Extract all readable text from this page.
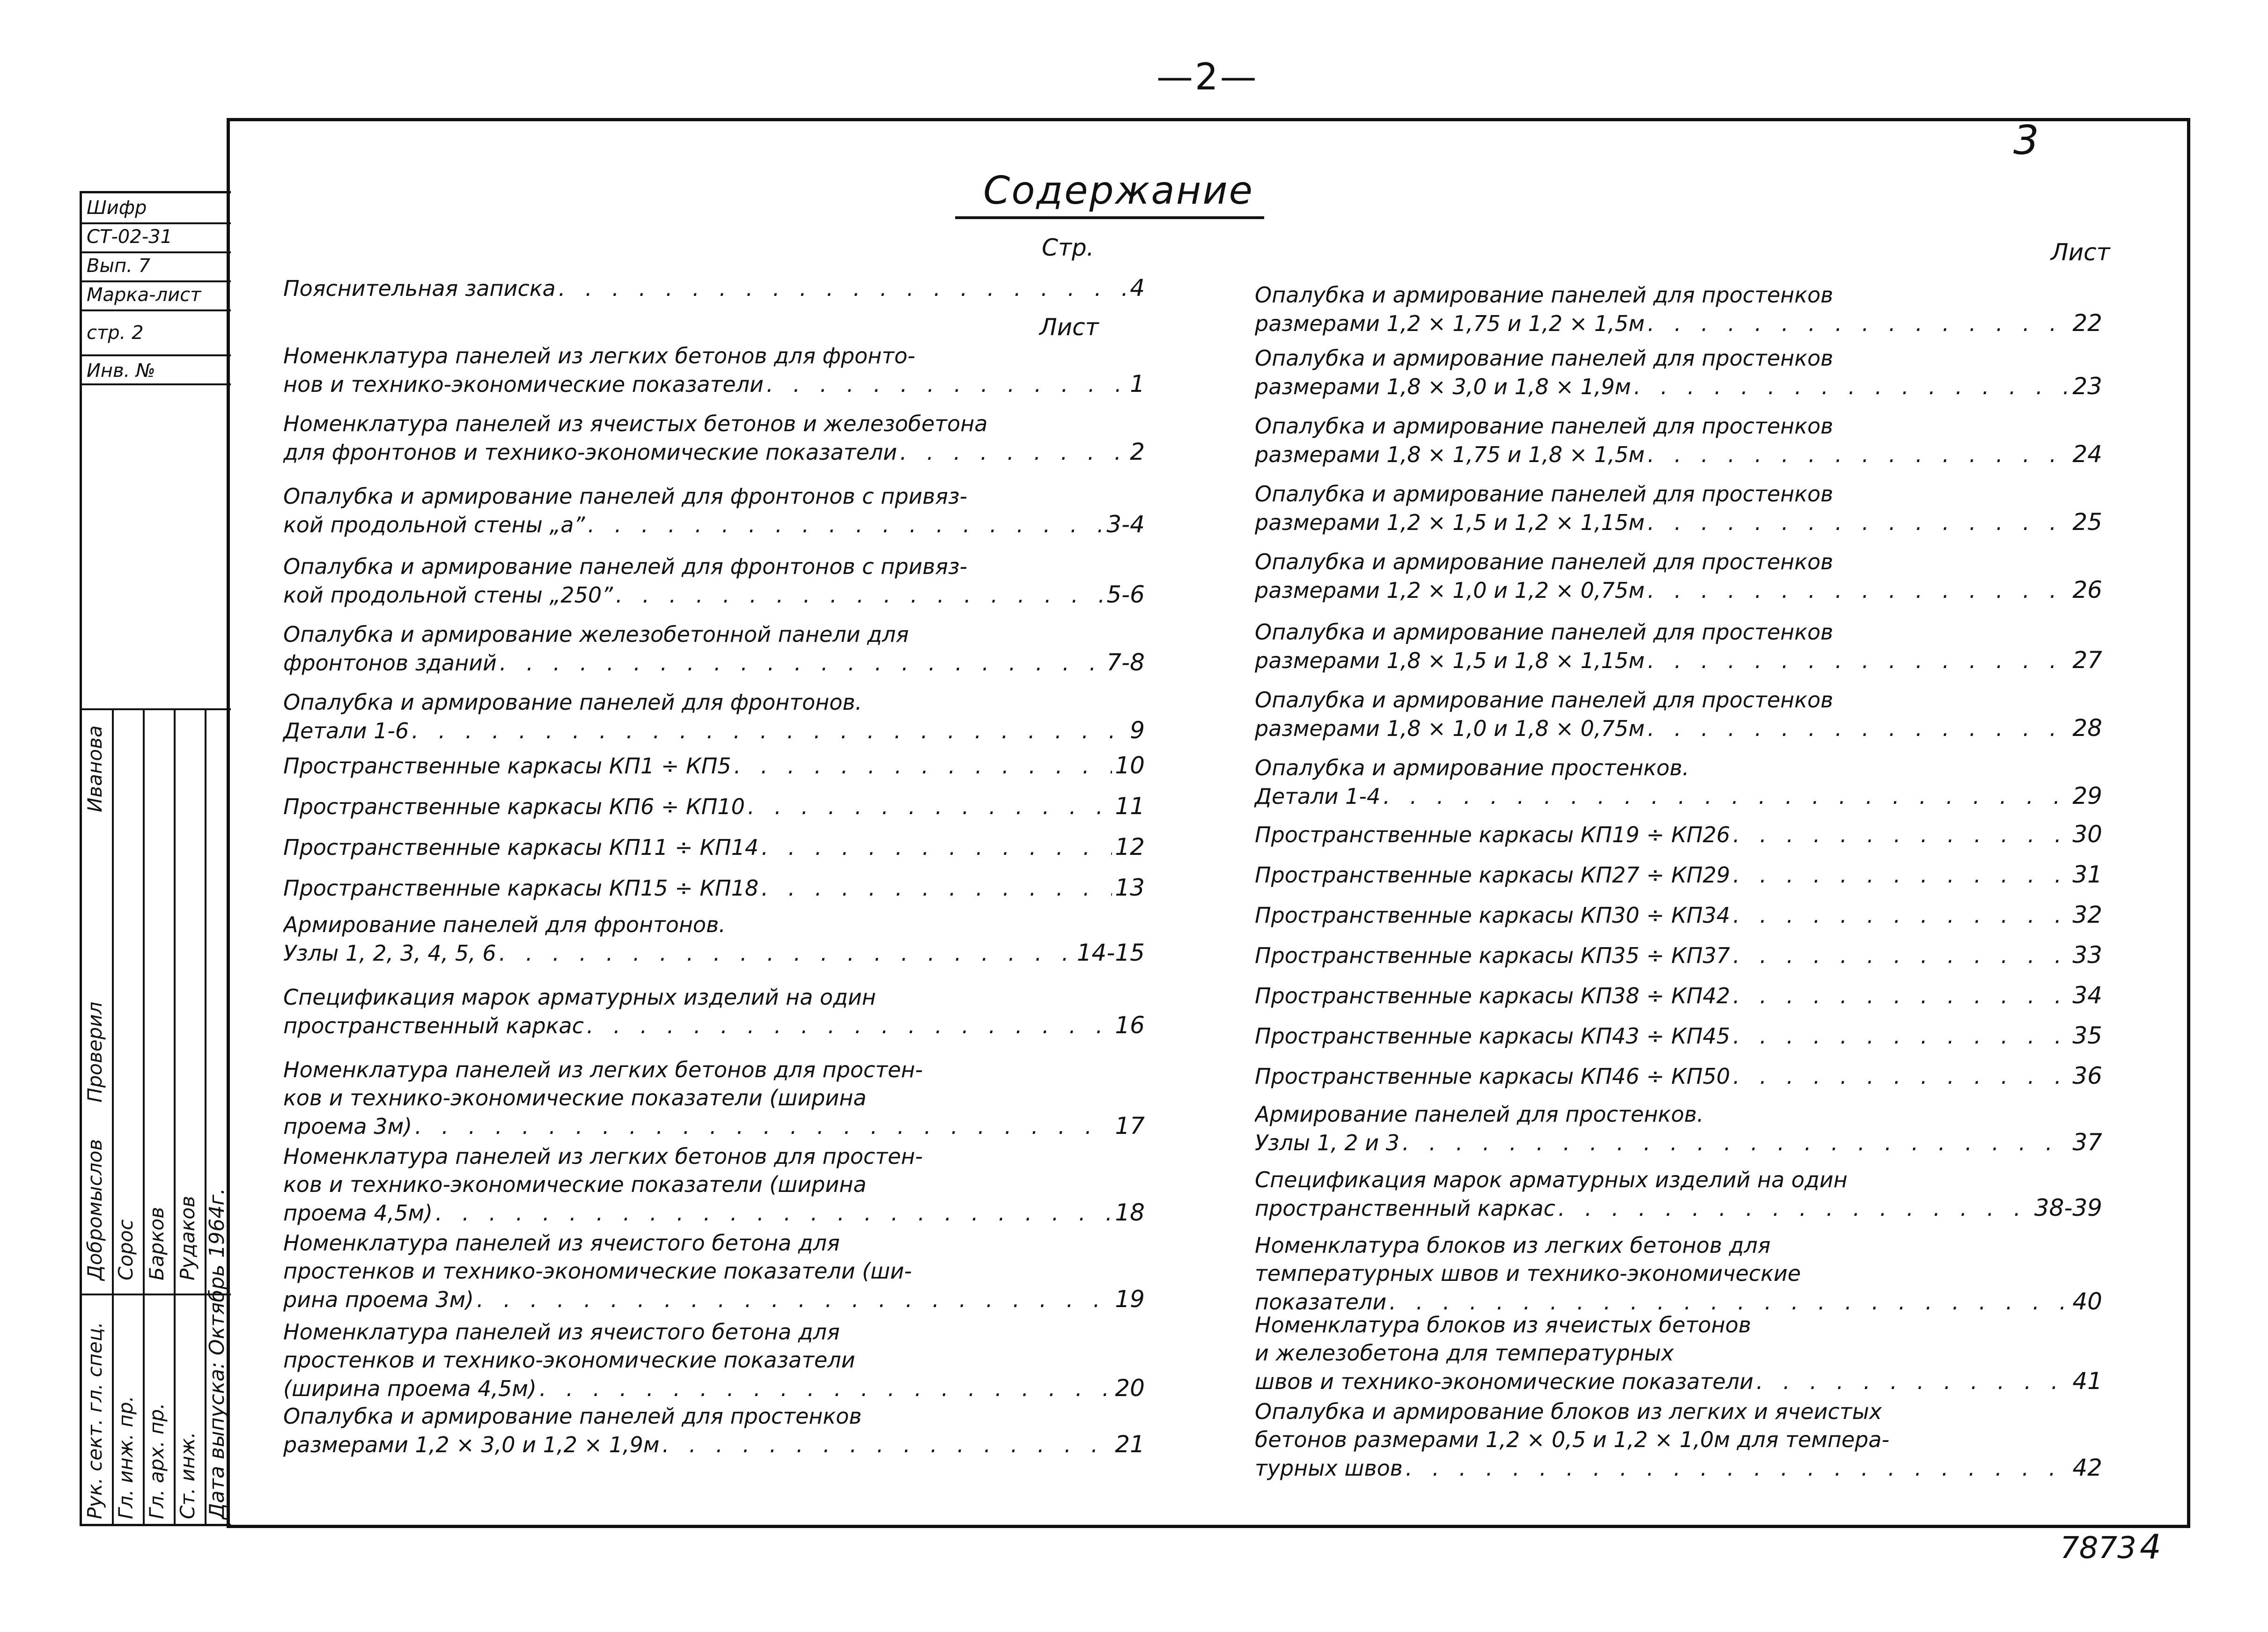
—2—
3
Шифр
СТ-02-31
Вып. 7
Марка-лист
стр. 2
Инв. №
Рук. сект. гл. спец. Гл. инж. пр. Гл. арх. пр. Ст. инж.
Добромыслов Сорос Барков Рудаков
Проверил
Иванова
Дата выпуска: Октябрь 1964г.
Содержание
Стр.
Лист
Лист
Пояснительная записка . . .	4
Номенклатура панелей из легких бетонов для фронто-
нов и технико-экономические показатели . . .	1
Номенклатура панелей из ячеистых бетонов и железобетона
для фронтонов и технико-экономические показатели . . .	2
Опалубка и армирование панелей для фронтонов с привяз-
кой продольной стены „а” . . .	3-4
Опалубка и армирование панелей для фронтонов с привяз-
кой продольной стены „250” . . .	5-6
Опалубка и армирование железобетонной панели для
фронтонов зданий . . .	7-8
Опалубка и армирование панелей для фронтонов.
Детали 1-6 . . .	9
Пространственные каркасы КП1 ÷ КП5 . . .	10
Пространственные каркасы КП6 ÷ КП10 . . .	11
Пространственные каркасы КП11 ÷ КП14 . . .	12
Пространственные каркасы КП15 ÷ КП18 . . .	13
Армирование панелей для фронтонов.
Узлы 1, 2, 3, 4, 5, 6 . . .	14-15
Спецификация марок арматурных изделий на один
пространственный каркас . . .	16
Номенклатура панелей из легких бетонов для простен-
ков и технико-экономические показатели (ширина
проема 3м) . . .	17
Номенклатура панелей из легких бетонов для простен-
ков и технико-экономические показатели (ширина
проема 4,5м) . . .	18
Номенклатура панелей из ячеистого бетона для
простенков и технико-экономические показатели (ши-
рина проема 3м) . . .	19
Номенклатура панелей из ячеистого бетона для
простенков и технико-экономические показатели
(ширина проема 4,5м) . . .	20
Опалубка и армирование панелей для простенков
размерами 1,2 × 3,0 и 1,2 × 1,9м . . .	21
Опалубка и армирование панелей для простенков
размерами 1,2 × 1,75 и 1,2 × 1,5м . . .	22
Опалубка и армирование панелей для простенков
размерами 1,8 × 3,0 и 1,8 × 1,9м . . .	23
Опалубка и армирование панелей для простенков
размерами 1,8 × 1,75 и 1,8 × 1,5м . . .	24
Опалубка и армирование панелей для простенков
размерами 1,2 × 1,5 и 1,2 × 1,15м . . .	25
Опалубка и армирование панелей для простенков
размерами 1,2 × 1,0 и 1,2 × 0,75м . . .	26
Опалубка и армирование панелей для простенков
размерами 1,8 × 1,5 и 1,8 × 1,15м . . .	27
Опалубка и армирование панелей для простенков
размерами 1,8 × 1,0 и 1,8 × 0,75м . . .	28
Опалубка и армирование простенков.
Детали 1-4 . . .	29
Пространственные каркасы КП19 ÷ КП26 . . .	30
Пространственные каркасы КП27 ÷ КП29 . . .	31
Пространственные каркасы КП30 ÷ КП34 . . .	32
Пространственные каркасы КП35 ÷ КП37 . . .	33
Пространственные каркасы КП38 ÷ КП42 . . .	34
Пространственные каркасы КП43 ÷ КП45 . . .	35
Пространственные каркасы КП46 ÷ КП50 . . .	36
Армирование панелей для простенков.
Узлы 1, 2 и 3 . . .	37
Спецификация марок арматурных изделий на один
пространственный каркас . . .	38-39
Номенклатура блоков из легких бетонов для
температурных швов и технико-экономические
показатели . . .	40
Номенклатура блоков из ячеистых бетонов
и железобетона для температурных
швов и технико-экономические показатели . . .	41
Опалубка и армирование блоков из легких и ячеистых
бетонов размерами 1,2 × 0,5 и 1,2 × 1,0м для темпера-
турных швов . . .	42
7873 4
